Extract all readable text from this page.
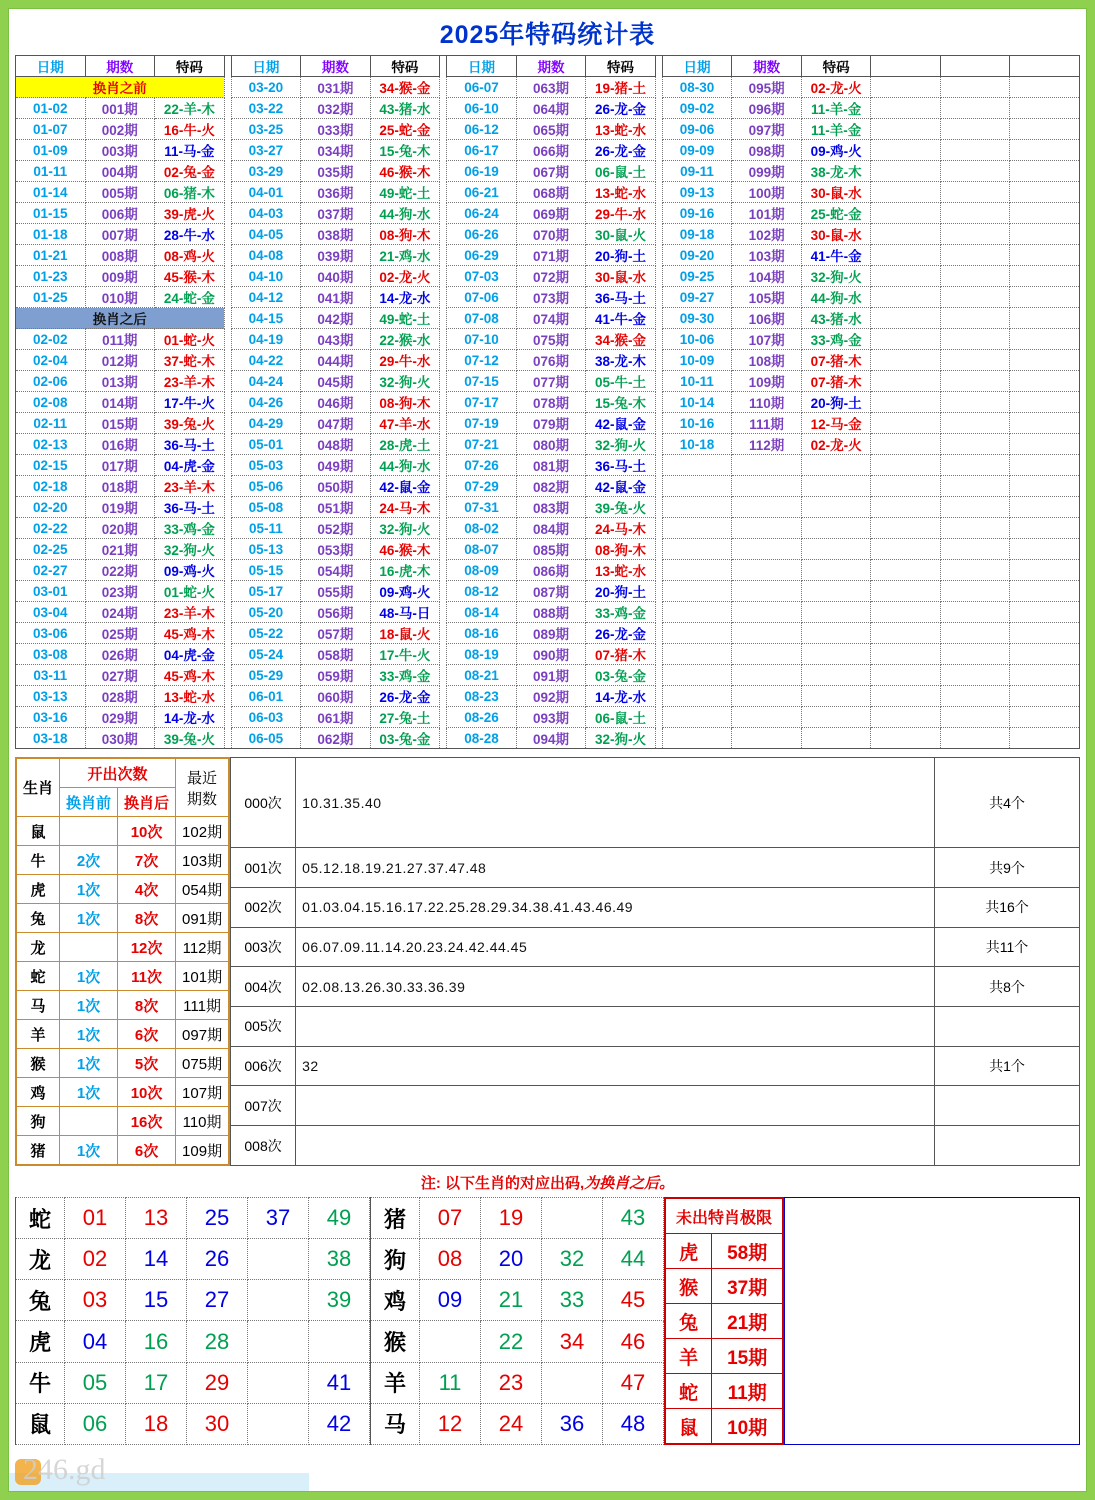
2025年特码统计表
日期	期数	特码		日期	期数	特码		日期	期数	特码		日期	期数	特码			
换肖之前				03-20	031期	34-猴-金		06-07	063期	19-猪-土		08-30	095期	02-龙-火			
01-02	001期	22-羊-木		03-22	032期	43-猪-水		06-10	064期	26-龙-金		09-02	096期	11-羊-金			
01-07	002期	16-牛-火		03-25	033期	25-蛇-金		06-12	065期	13-蛇-水		09-06	097期	11-羊-金			
01-09	003期	11-马-金		03-27	034期	15-兔-木		06-17	066期	26-龙-金		09-09	098期	09-鸡-火			
01-11	004期	02-兔-金		03-29	035期	46-猴-木		06-19	067期	06-鼠-土		09-11	099期	38-龙-木			
01-14	005期	06-猪-木		04-01	036期	49-蛇-土		06-21	068期	13-蛇-水		09-13	100期	30-鼠-水			
01-15	006期	39-虎-火		04-03	037期	44-狗-水		06-24	069期	29-牛-水		09-16	101期	25-蛇-金			
01-18	007期	28-牛-水		04-05	038期	08-狗-木		06-26	070期	30-鼠-火		09-18	102期	30-鼠-水			
01-21	008期	08-鸡-火		04-08	039期	21-鸡-水		06-29	071期	20-狗-土		09-20	103期	41-牛-金			
01-23	009期	45-猴-木		04-10	040期	02-龙-火		07-03	072期	30-鼠-水		09-25	104期	32-狗-火			
01-25	010期	24-蛇-金		04-12	041期	14-龙-水		07-06	073期	36-马-土		09-27	105期	44-狗-水			
换肖之后				04-15	042期	49-蛇-土		07-08	074期	41-牛-金		09-30	106期	43-猪-水			
02-02	011期	01-蛇-火		04-19	043期	22-猴-水		07-10	075期	34-猴-金		10-06	107期	33-鸡-金			
02-04	012期	37-蛇-木		04-22	044期	29-牛-水		07-12	076期	38-龙-木		10-09	108期	07-猪-木			
02-06	013期	23-羊-木		04-24	045期	32-狗-火		07-15	077期	05-牛-土		10-11	109期	07-猪-木			
02-08	014期	17-牛-火		04-26	046期	08-狗-木		07-17	078期	15-兔-木		10-14	110期	20-狗-土			
02-11	015期	39-兔-火		04-29	047期	47-羊-水		07-19	079期	42-鼠-金		10-16	111期	12-马-金			
02-13	016期	36-马-土		05-01	048期	28-虎-土		07-21	080期	32-狗-火		10-18	112期	02-龙-火			
02-15	017期	04-虎-金		05-03	049期	44-狗-水		07-26	081期	36-马-土							
02-18	018期	23-羊-木		05-06	050期	42-鼠-金		07-29	082期	42-鼠-金							
02-20	019期	36-马-土		05-08	051期	24-马-木		07-31	083期	39-兔-火							
02-22	020期	33-鸡-金		05-11	052期	32-狗-火		08-02	084期	24-马-木							
02-25	021期	32-狗-火		05-13	053期	46-猴-木		08-07	085期	08-狗-木							
02-27	022期	09-鸡-火		05-15	054期	16-虎-木		08-09	086期	13-蛇-水							
03-01	023期	01-蛇-火		05-17	055期	09-鸡-火		08-12	087期	20-狗-土							
03-04	024期	23-羊-木		05-20	056期	48-马-日		08-14	088期	33-鸡-金							
03-06	025期	45-鸡-木		05-22	057期	18-鼠-火		08-16	089期	26-龙-金							
03-08	026期	04-虎-金		05-24	058期	17-牛-火		08-19	090期	07-猪-木							
03-11	027期	45-鸡-木		05-29	059期	33-鸡-金		08-21	091期	03-兔-金							
03-13	028期	13-蛇-水		06-01	060期	26-龙-金		08-23	092期	14-龙-水							
03-16	029期	14-龙-水		06-03	061期	27-兔-土		08-26	093期	06-鼠-土							
03-18	030期	39-兔-火		06-05	062期	03-兔-金		08-28	094期	32-狗-火							
生肖	开出次数		最近
期数
	换肖前	换肖后	
鼠		10次	102期
牛	2次	7次	103期
虎	1次	4次	054期
兔	1次	8次	091期
龙		12次	112期
蛇	1次	11次	101期
马	1次	8次	111期
羊	1次	6次	097期
猴	1次	5次	075期
鸡	1次	10次	107期
狗		16次	110期
猪	1次	6次	109期
000次	10.31.35.40	共4个
001次	05.12.18.19.21.27.37.47.48	共9个
002次	01.03.04.15.16.17.22.25.28.29.34.38.41.43.46.49	共16个
003次	06.07.09.11.14.20.23.24.42.44.45	共11个
004次	02.08.13.26.30.33.36.39	共8个
005次		
006次	32	共1个
007次		
008次		
注: 以下生肖的对应出码,为换肖之后。
蛇	01	13	25	37	49
龙	02	14	26		38
兔	03	15	27		39
虎	04	16	28		
牛	05	17	29		41
鼠	06	18	30		42
猪	07	19		43
狗	08	20	32	44
鸡	09	21	33	45
猴		22	34	46
羊	11	23		47
马	12	24	36	48
未出特肖极限	
虎	58期
猴	37期
兔	21期
羊	15期
蛇	11期
鼠	10期
246.gd
